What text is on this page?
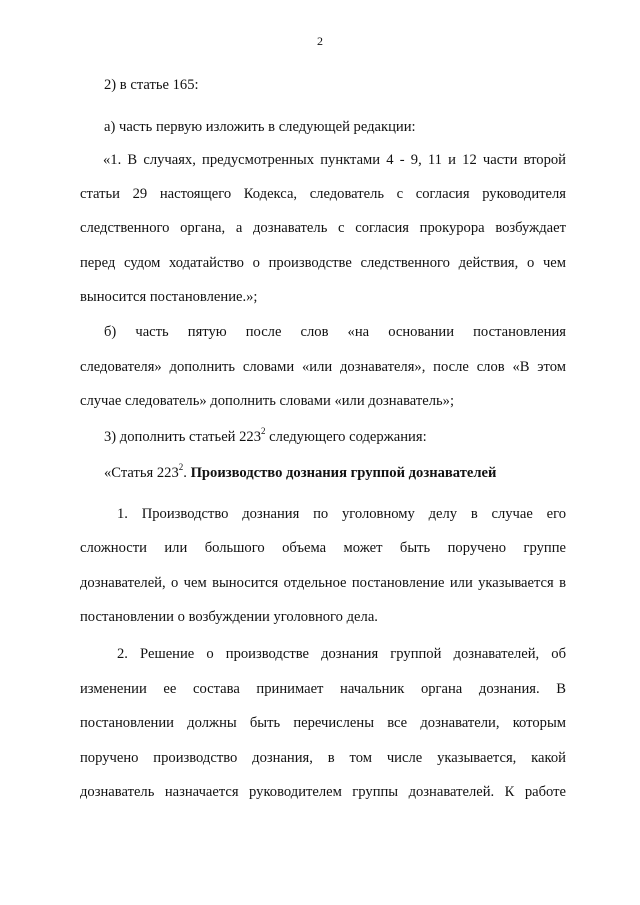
2
2) в статье 165:
а) часть первую изложить в следующей редакции:
«1. В случаях, предусмотренных пунктами 4 - 9, 11 и 12 части второй
статьи 29 настоящего Кодекса, следователь с согласия руководителя
следственного органа, а дознаватель с согласия прокурора возбуждает
перед судом ходатайство о производстве следственного действия, о чем
выносится постановление.»;
б) часть пятую после слов «на основании постановления
следователя» дополнить словами «или дознавателя», после слов «В этом
случае следователь» дополнить словами «или дознаватель»;
3) дополнить статьей $223^2$ следующего содержания:
«Статья $223^2$. Производство дознания группой дознавателей
1. Производство дознания по уголовному делу в случае его
сложности или большого объема может быть поручено группе
дознавателей, о чем выносится отдельное постановление или указывается в
постановлении о возбуждении уголовного дела.
2. Решение о производстве дознания группой дознавателей, об
изменении ее состава принимает начальник органа дознания. В
постановлении должны быть перечислены все дознаватели, которым
поручено производство дознания, в том числе указывается, какой
дознаватель назначается руководителем группы дознавателей. К работе
